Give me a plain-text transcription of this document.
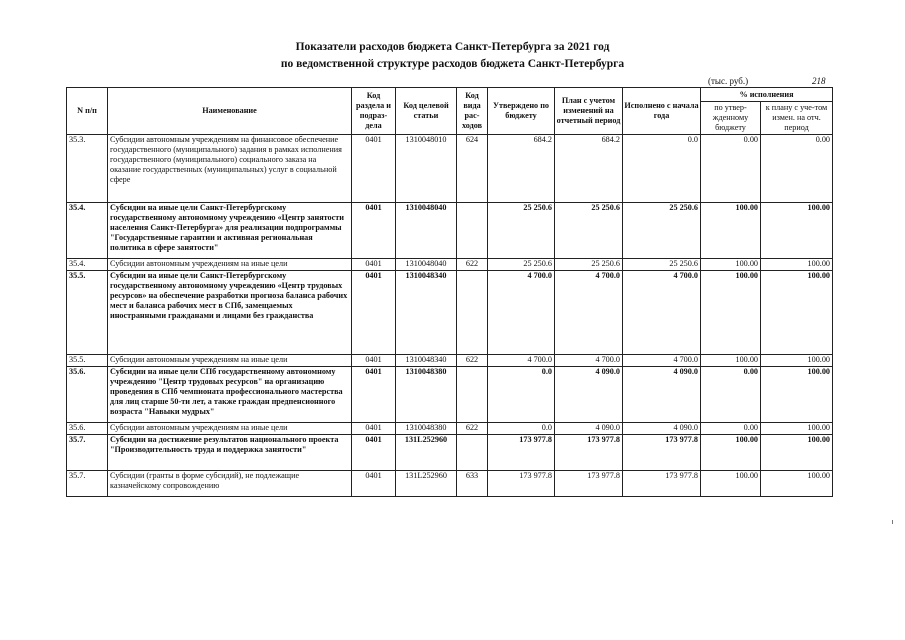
Показатели расходов бюджета Санкт-Петербурга за 2021 год
по ведомственной структуре расходов бюджета Санкт-Петербурга
(тыс. руб.)	218
N п/п	Наименование	Код раздела и подраз-дела	Код целевой статьи	Код вида рас-ходов	Утверждено по бюджету	План с учетом изменений на отчетный период	Исполнено с начала года	% исполнения	
								по утвер-жденному бюджету	к плану с уче-том измен. на отч. период
35.3.	Субсидии автономным учреждениям на финансовое обеспечение государственного (муниципального) задания в рамках исполнения государственного (муниципального) социального заказа на оказание государственных (муниципальных) услуг в социальной сфере	0401	1310048010	624	684.2	684.2	0.0	0.00	0.00
35.4.	Субсидии на иные цели Санкт-Петербургскому государственному автономному учреждению «Центр занятости населения Санкт-Петербурга» для реализации подпрограммы "Государственные гарантии и активная региональная политика в сфере занятости"	0401	1310048040		25 250.6	25 250.6	25 250.6	100.00	100.00
35.4.	Субсидии автономным учреждениям на иные цели	0401	1310048040	622	25 250.6	25 250.6	25 250.6	100.00	100.00
35.5.	Субсидии на иные цели Санкт-Петербургскому государственному автономному учреждению «Центр трудовых ресурсов» на обеспечение разработки прогноза баланса рабочих мест и баланса рабочих мест в СПб, замещаемых иностранными гражданами и лицами без гражданства	0401	1310048340		4 700.0	4 700.0	4 700.0	100.00	100.00
35.5.	Субсидии автономным учреждениям на иные цели	0401	1310048340	622	4 700.0	4 700.0	4 700.0	100.00	100.00
35.6.	Субсидии на иные цели СПб государственному автономному учреждению "Центр трудовых ресурсов" на организацию проведения в СПб чемпионата профессионального мастерства для лиц старше 50-ти лет, а также граждан предпенсионного возраста "Навыки мудрых"	0401	1310048380		0.0	4 090.0	4 090.0	0.00	100.00
35.6.	Субсидии автономным учреждениям на иные цели	0401	1310048380	622	0.0	4 090.0	4 090.0	0.00	100.00
35.7.	Субсидии на достижение результатов национального проекта "Производительность труда и поддержка занятости"	0401	131L252960		173 977.8	173 977.8	173 977.8	100.00	100.00
35.7.	Субсидии (гранты в форме субсидий), не подлежащие казначейскому сопровождению	0401	131L252960	633	173 977.8	173 977.8	173 977.8	100.00	100.00
